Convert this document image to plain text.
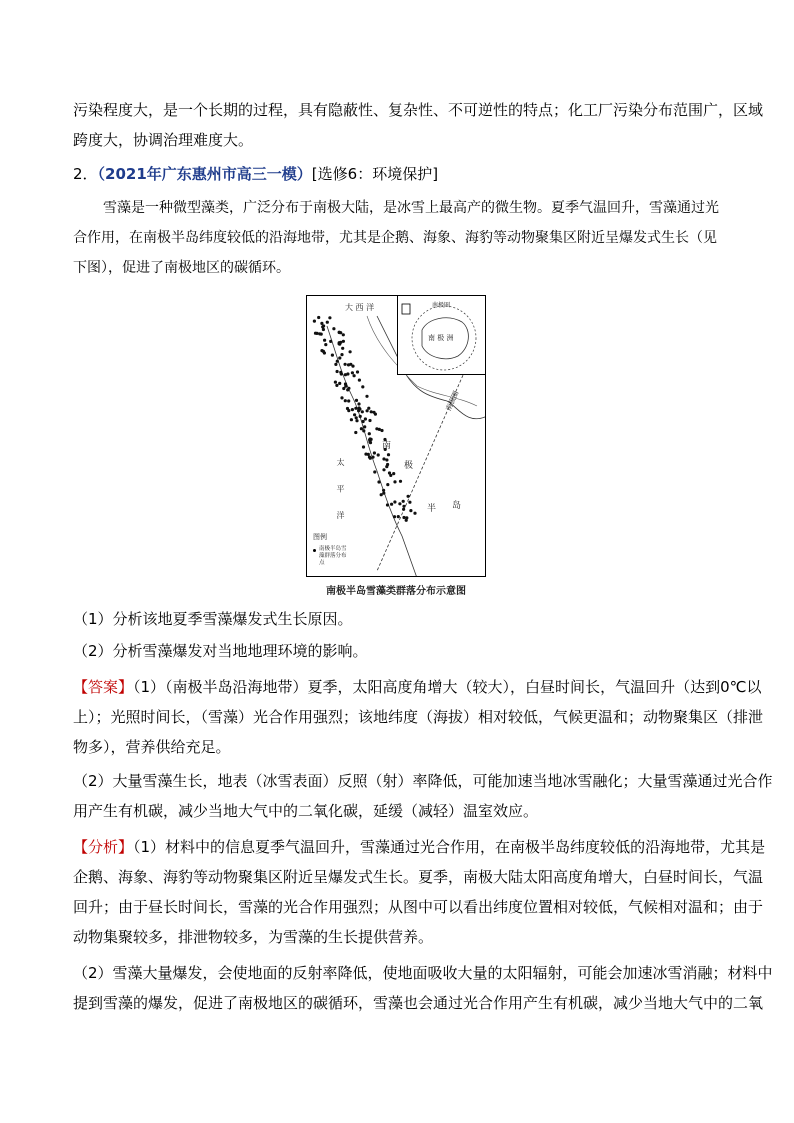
污染程度大，是一个长期的过程，具有隐蔽性、复杂性、不可逆性的特点；化工厂污染分布范围广，区域
跨度大，协调治理难度大。
2．（2021年广东惠州市高三一模）[选修6：环境保护]
雪藻是一种微型藻类，广泛分布于南极大陆，是冰雪上最高产的微生物。夏季气温回升，雪藻通过光
合作用，在南极半岛纬度较低的沿海地带，尤其是企鹅、海象、海豹等动物聚集区附近呈爆发式生长（见
下图），促进了南极地区的碳循环。
大 西 洋
太 平 洋
南
极
半 岛
南极圈
南极圈
南 极 洲
图例
南极半岛雪藻群落分布点
南极半岛雪藻类群落分布示意图
（1）分析该地夏季雪藻爆发式生长原因。
（2）分析雪藻爆发对当地地理环境的影响。
【答案】（1）（南极半岛沿海地带）夏季，太阳高度角增大（较大），白昼时间长，气温回升（达到0℃以
上）；光照时间长，（雪藻）光合作用强烈；该地纬度（海拔）相对较低，气候更温和；动物聚集区（排泄
物多），营养供给充足。
（2）大量雪藻生长，地表（冰雪表面）反照（射）率降低，可能加速当地冰雪融化；大量雪藻通过光合作
用产生有机碳，减少当地大气中的二氧化碳，延缓（减轻）温室效应。
【分析】（1）材料中的信息夏季气温回升，雪藻通过光合作用，在南极半岛纬度较低的沿海地带，尤其是
企鹅、海象、海豹等动物聚集区附近呈爆发式生长。夏季，南极大陆太阳高度角增大，白昼时间长，气温
回升；由于昼长时间长，雪藻的光合作用强烈；从图中可以看出纬度位置相对较低，气候相对温和；由于
动物集聚较多，排泄物较多，为雪藻的生长提供营养。
（2）雪藻大量爆发，会使地面的反射率降低，使地面吸收大量的太阳辐射，可能会加速冰雪消融；材料中
提到雪藻的爆发，促进了南极地区的碳循环，雪藻也会通过光合作用产生有机碳，减少当地大气中的二氧
